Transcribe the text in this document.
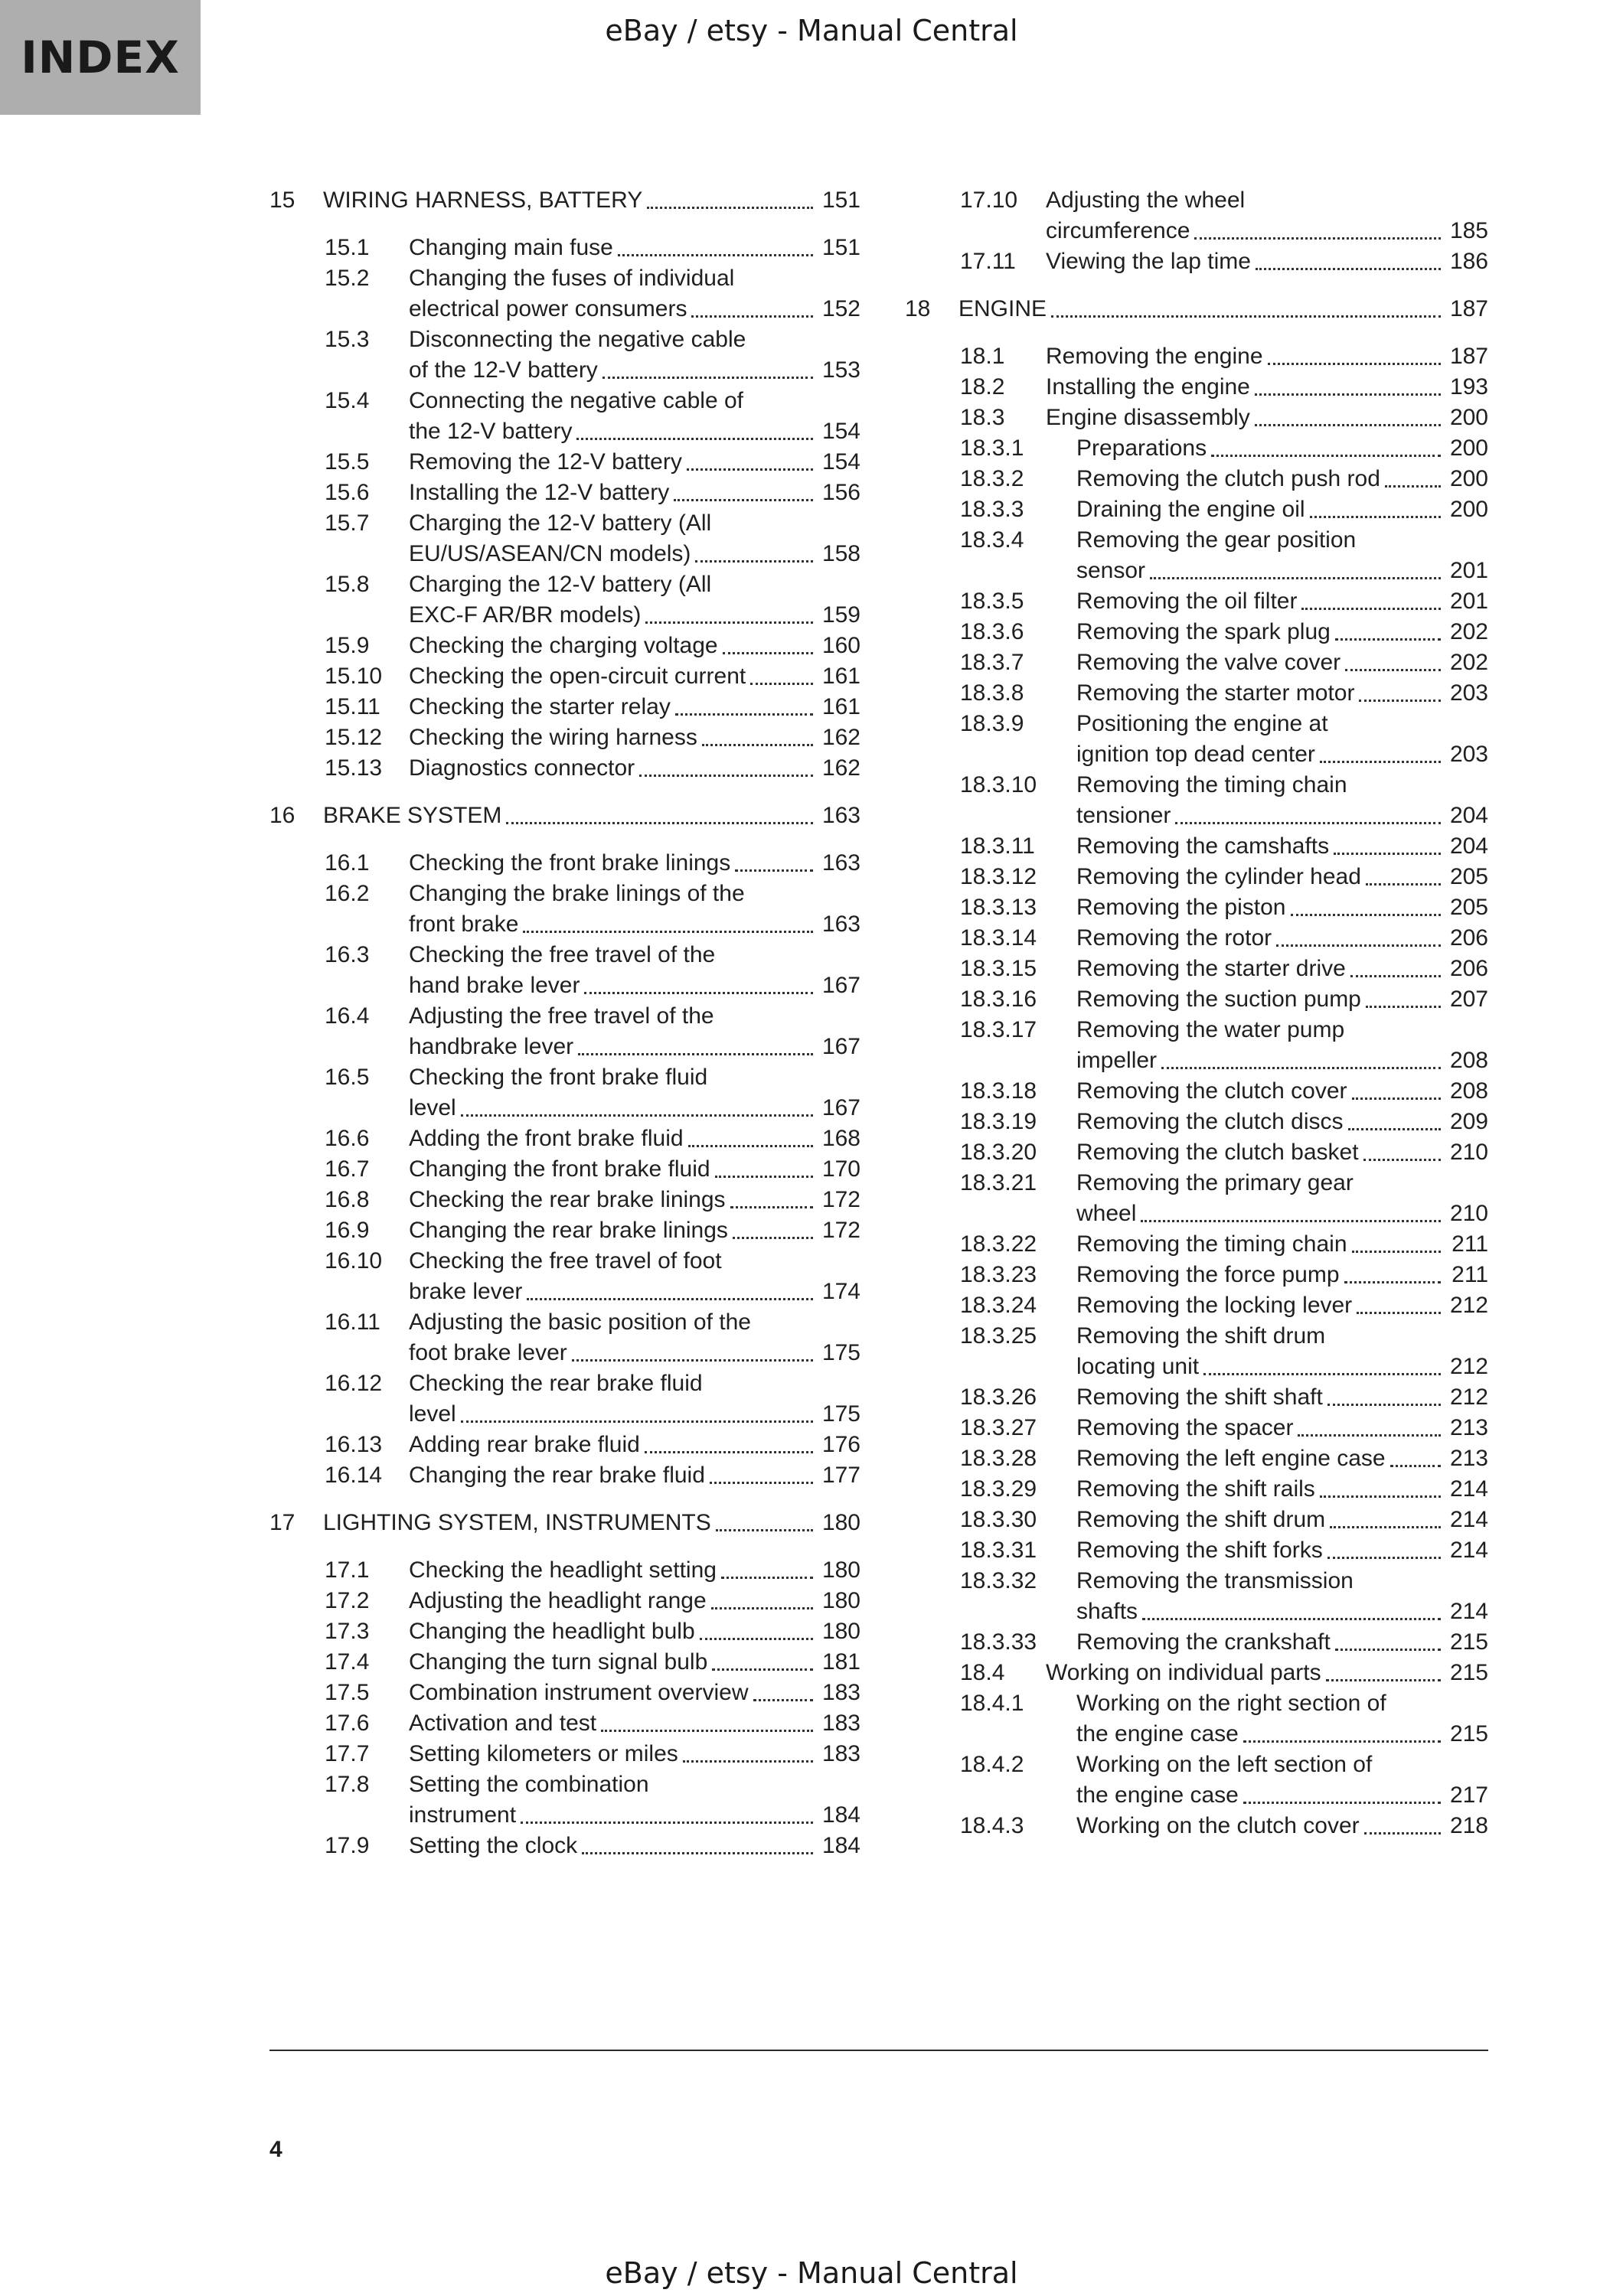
INDEX
eBay / etsy - Manual Central
15	WIRING HARNESS, BATTERY	151
15.1	Changing main fuse	151
15.2	Changing the fuses of individual
electrical power consumers	152
15.3	Disconnecting the negative cable
of the 12-V battery	153
15.4	Connecting the negative cable of
the 12-V battery	154
15.5	Removing the 12-V battery	154
15.6	Installing the 12-V battery	156
15.7	Charging the 12-V battery (All
EU/US/ASEAN/CN models)	158
15.8	Charging the 12-V battery (All
EXC-F AR/BR models)	159
15.9	Checking the charging voltage	160
15.10	Checking the open-circuit current	161
15.11	Checking the starter relay	161
15.12	Checking the wiring harness	162
15.13	Diagnostics connector	162
16	BRAKE SYSTEM	163
16.1	Checking the front brake linings	163
16.2	Changing the brake linings of the
front brake	163
16.3	Checking the free travel of the
hand brake lever	167
16.4	Adjusting the free travel of the
handbrake lever	167
16.5	Checking the front brake fluid
level	167
16.6	Adding the front brake fluid	168
16.7	Changing the front brake fluid	170
16.8	Checking the rear brake linings	172
16.9	Changing the rear brake linings	172
16.10	Checking the free travel of foot
brake lever	174
16.11	Adjusting the basic position of the
foot brake lever	175
16.12	Checking the rear brake fluid
level	175
16.13	Adding rear brake fluid	176
16.14	Changing the rear brake fluid	177
17	LIGHTING SYSTEM, INSTRUMENTS	180
17.1	Checking the headlight setting	180
17.2	Adjusting the headlight range	180
17.3	Changing the headlight bulb	180
17.4	Changing the turn signal bulb	181
17.5	Combination instrument overview	183
17.6	Activation and test	183
17.7	Setting kilometers or miles	183
17.8	Setting the combination
instrument	184
17.9	Setting the clock	184
17.10	Adjusting the wheel
circumference	185
17.11	Viewing the lap time	186
18	ENGINE	187
18.1	Removing the engine	187
18.2	Installing the engine	193
18.3	Engine disassembly	200
18.3.1	Preparations	200
18.3.2	Removing the clutch push rod	200
18.3.3	Draining the engine oil	200
18.3.4	Removing the gear position
sensor	201
18.3.5	Removing the oil filter	201
18.3.6	Removing the spark plug	202
18.3.7	Removing the valve cover	202
18.3.8	Removing the starter motor	203
18.3.9	Positioning the engine at
ignition top dead center	203
18.3.10	Removing the timing chain
tensioner	204
18.3.11	Removing the camshafts	204
18.3.12	Removing the cylinder head	205
18.3.13	Removing the piston	205
18.3.14	Removing the rotor	206
18.3.15	Removing the starter drive	206
18.3.16	Removing the suction pump	207
18.3.17	Removing the water pump
impeller	208
18.3.18	Removing the clutch cover	208
18.3.19	Removing the clutch discs	209
18.3.20	Removing the clutch basket	210
18.3.21	Removing the primary gear
wheel	210
18.3.22	Removing the timing chain	211
18.3.23	Removing the force pump	211
18.3.24	Removing the locking lever	212
18.3.25	Removing the shift drum
locating unit	212
18.3.26	Removing the shift shaft	212
18.3.27	Removing the spacer	213
18.3.28	Removing the left engine case	213
18.3.29	Removing the shift rails	214
18.3.30	Removing the shift drum	214
18.3.31	Removing the shift forks	214
18.3.32	Removing the transmission
shafts	214
18.3.33	Removing the crankshaft	215
18.4	Working on individual parts	215
18.4.1	Working on the right section of
the engine case	215
18.4.2	Working on the left section of
the engine case	217
18.4.3	Working on the clutch cover	218
4
eBay / etsy - Manual Central
